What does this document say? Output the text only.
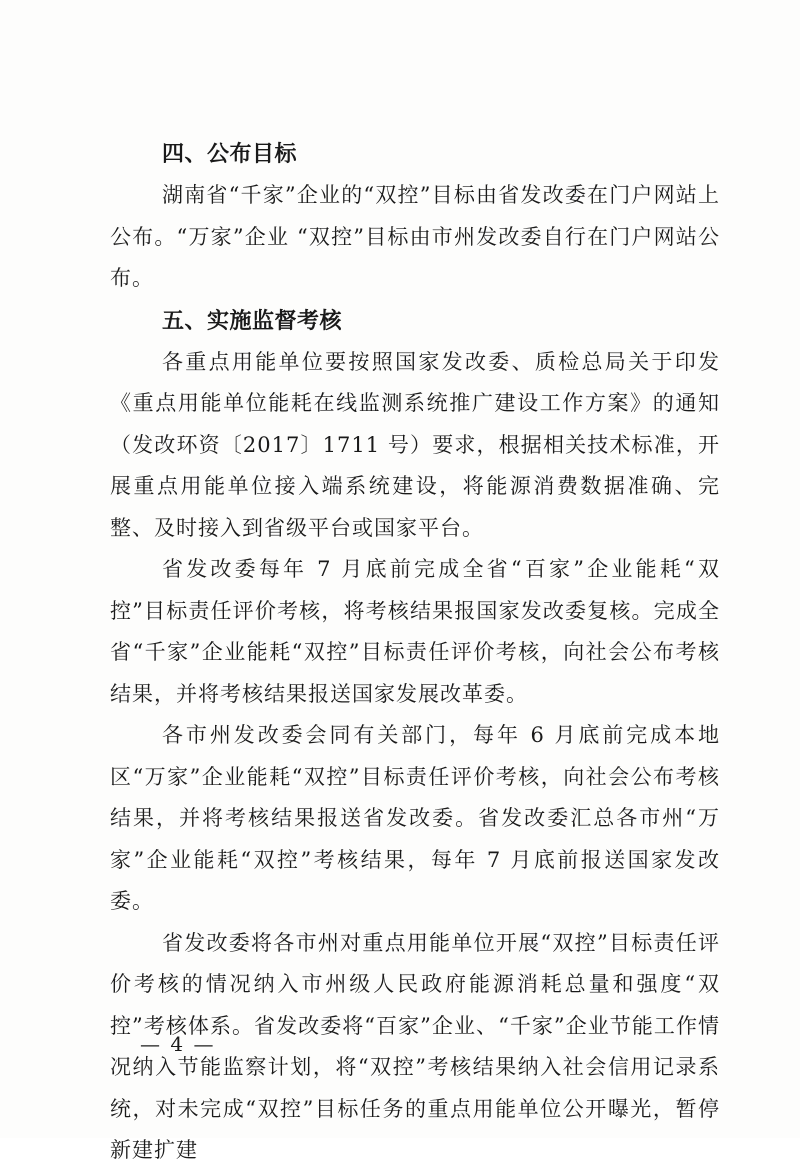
四、公布目标

湖南省“千家”企业的“双控”目标由省发改委在门户网站上公布。“万家”企业 “双控”目标由市州发改委自行在门户网站公布。

五、实施监督考核

各重点用能单位要按照国家发改委、质检总局关于印发《重点用能单位能耗在线监测系统推广建设工作方案》的通知（发改环资〔2017〕1711 号）要求，根据相关技术标准，开展重点用能单位接入端系统建设，将能源消费数据准确、完整、及时接入到省级平台或国家平台。

省发改委每年 7 月底前完成全省“百家”企业能耗“双控”目标责任评价考核，将考核结果报国家发改委复核。完成全省“千家”企业能耗“双控”目标责任评价考核，向社会公布考核结果，并将考核结果报送国家发展改革委。

各市州发改委会同有关部门，每年 6 月底前完成本地区“万家”企业能耗“双控”目标责任评价考核，向社会公布考核结果，并将考核结果报送省发改委。省发改委汇总各市州“万家”企业能耗“双控”考核结果，每年 7 月底前报送国家发改委。

省发改委将各市州对重点用能单位开展“双控”目标责任评价考核的情况纳入市州级人民政府能源消耗总量和强度“双控”考核体系。省发改委将“百家”企业、“千家”企业节能工作情况纳入节能监察计划，将“双控”考核结果纳入社会信用记录系统，对未完成“双控”目标任务的重点用能单位公开曝光，暂停新建扩建

— 4 —
